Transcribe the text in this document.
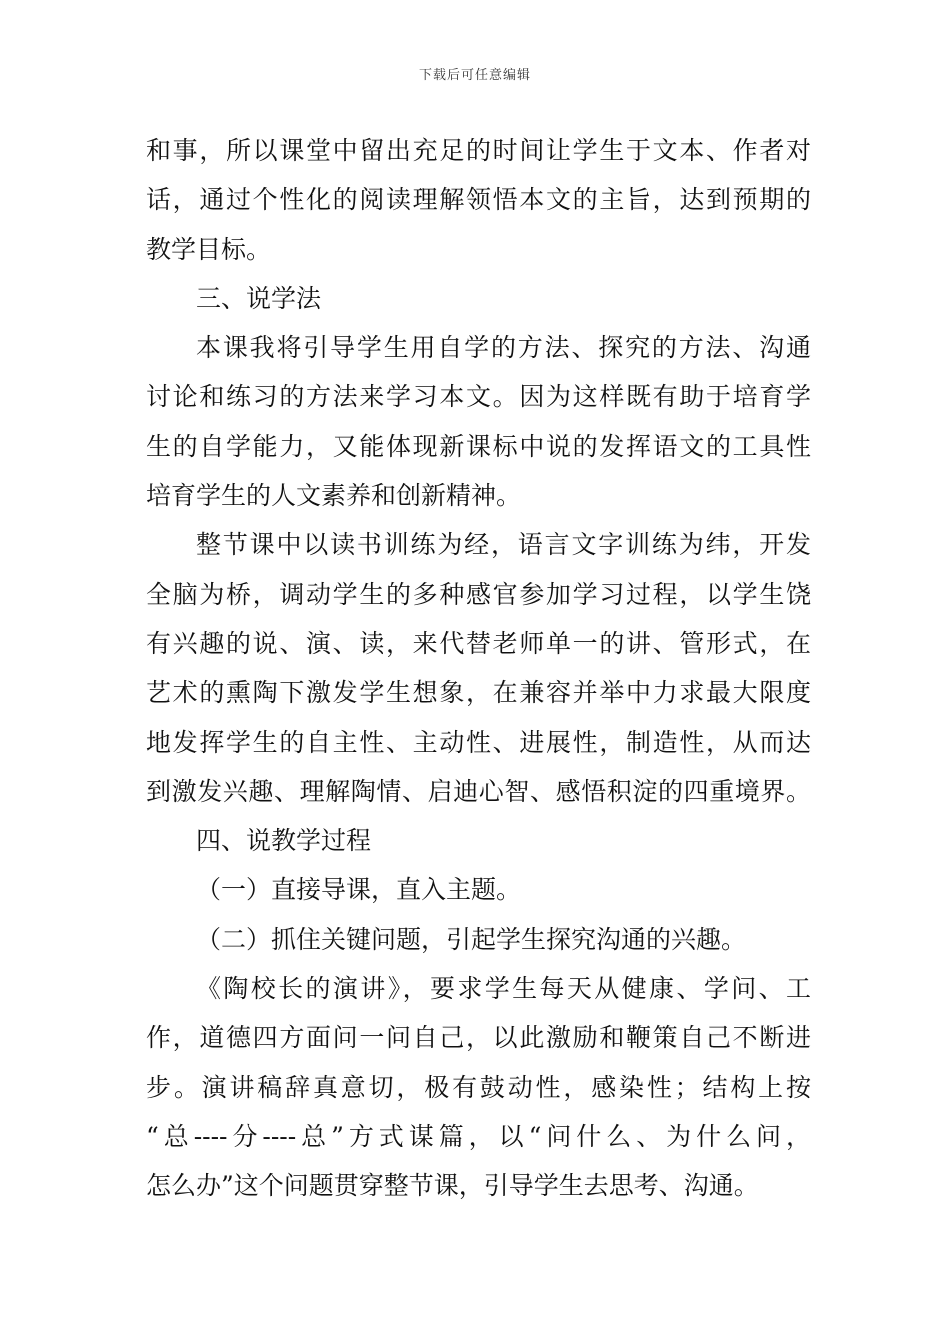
下载后可任意编辑
和事，所以课堂中留出充足的时间让学生于文本、作者对
话，通过个性化的阅读理解领悟本文的主旨，达到预期的
教学目标。
三、说学法
本课我将引导学生用自学的方法、探究的方法、沟通
讨论和练习的方法来学习本文。因为这样既有助于培育学
生的自学能力，又能体现新课标中说的发挥语文的工具性
培育学生的人文素养和创新精神。
整节课中以读书训练为经，语言文字训练为纬，开发
全脑为桥，调动学生的多种感官参加学习过程，以学生饶
有兴趣的说、演、读，来代替老师单一的讲、管形式，在
艺术的熏陶下激发学生想象，在兼容并举中力求最大限度
地发挥学生的自主性、主动性、进展性，制造性，从而达
到激发兴趣、理解陶情、启迪心智、感悟积淀的四重境界。
四、说教学过程
（一）直接导课，直入主题。
（二）抓住关键问题，引起学生探究沟通的兴趣。
《陶校长的演讲》，要求学生每天从健康、学问、工
作，道德四方面问一问自己，以此激励和鞭策自己不断进
步。演讲稿辞真意切，极有鼓动性，感染性；结构上按
“总----分----总”方式谋篇，以“问什么、为什么问，
怎么办”这个问题贯穿整节课，引导学生去思考、沟通。
